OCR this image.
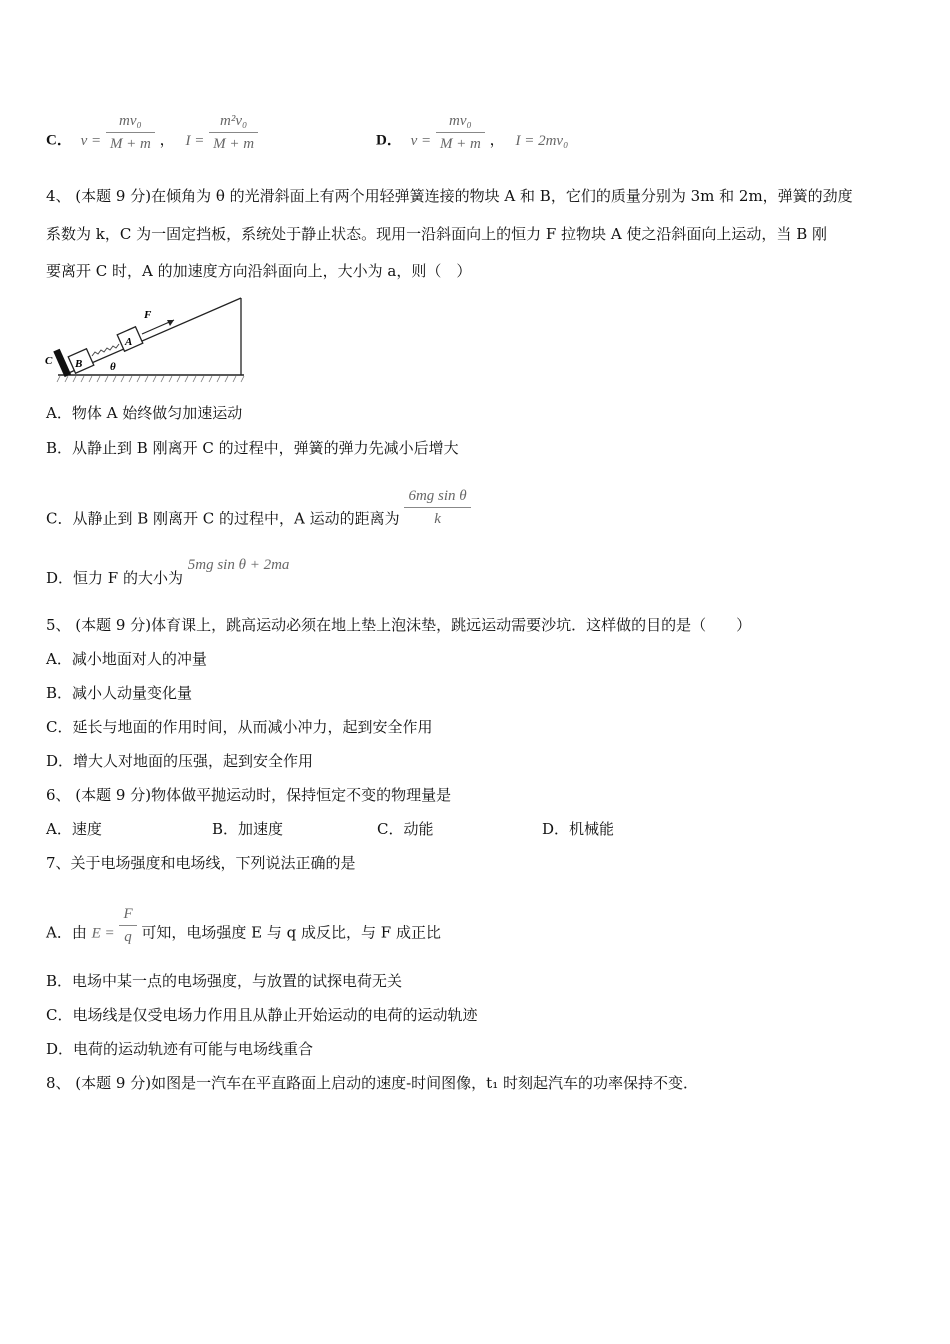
C． $v = \frac{\text{mv₀}}{M + m}$ ， $I = \frac{\text{m²v₀}}{M + m}$	D． $v = \frac{\text{mv₀}}{M + m}$ ， I = 2mv₀
4、 (本题 9 分)在倾角为 θ 的光滑斜面上有两个用轻弹簧连接的物块 A 和 B，它们的质量分别为 3m 和 2m，弹簧的劲度
系数为 k，C 为一固定挡板，系统处于静止状态。现用一沿斜面向上的恒力 F 拉物块 A 使之沿斜面向上运动，当 B 刚
要离开 C 时，A 的加速度方向沿斜面向上，大小为 a，则（　）
C B
A
F
θ
A．物体 A 始终做匀加速运动
B．从静止到 B 刚离开 C 的过程中，弹簧的弹力先减小后增大
C．从静止到 B 刚离开 C 的过程中，A 运动的距离为 $\frac{\text{6mg sin θ}}{k}$
D．恒力 F 的大小为 5mg sin θ + 2ma
5、 (本题 9 分)体育课上，跳高运动必须在地上垫上泡沫垫，跳远运动需要沙坑．这样做的目的是（　　）
A．减小地面对人的冲量
B．减小人动量变化量
C．延长与地面的作用时间，从而减小冲力，起到安全作用
D．增大人对地面的压强，起到安全作用
6、 (本题 9 分)物体做平抛运动时，保持恒定不变的物理量是
A．速度	B．加速度	C．动能	D．机械能
7、关于电场强度和电场线，下列说法正确的是
A．由 $E = \frac{F}{q}$ 可知，电场强度 E 与 q 成反比，与 F 成正比
B．电场中某一点的电场强度，与放置的试探电荷无关
C．电场线是仅受电场力作用且从静止开始运动的电荷的运动轨迹
D．电荷的运动轨迹有可能与电场线重合
8、 (本题 9 分)如图是一汽车在平直路面上启动的速度-时间图像，t₁ 时刻起汽车的功率保持不变．
